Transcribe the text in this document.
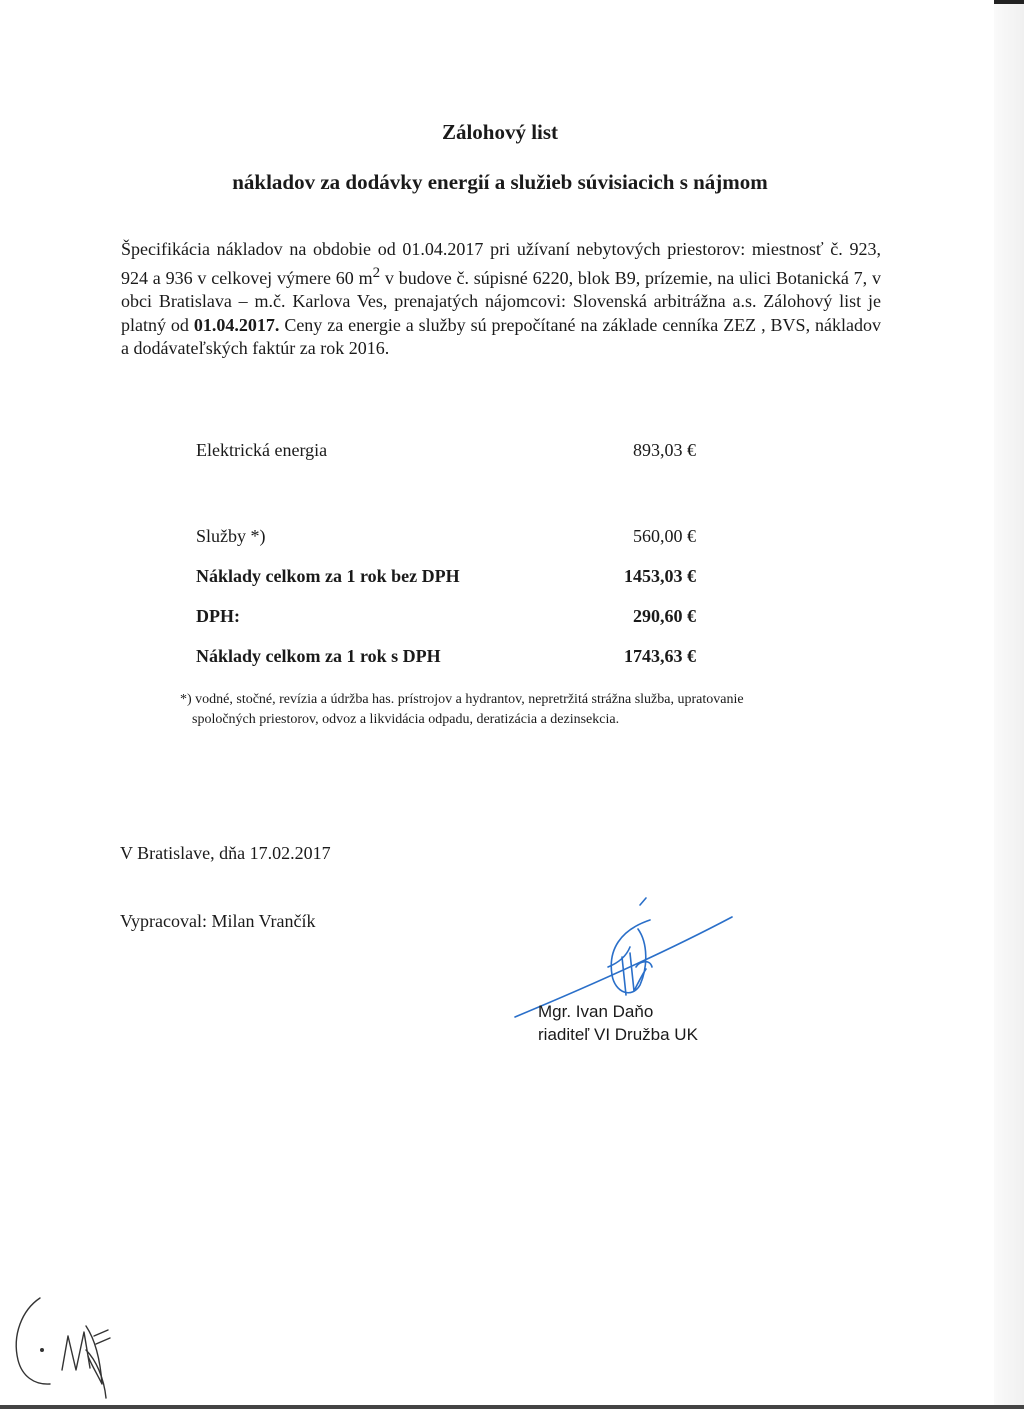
Zálohový list
nákladov za dodávky energií a služieb súvisiacich s nájmom

Špecifikácia nákladov na obdobie od 01.04.2017 pri užívaní nebytových priestorov: miestnosť č. 923, 924 a 936 v celkovej výmere 60 $m^2$ v budove č. súpisné 6220, blok B9, prízemie, na ulici Botanická 7, v obci Bratislava – m.č. Karlova Ves, prenajatých nájomcovi: Slovenská arbitrážna a.s. Zálohový list je platný od 01.04.2017. Ceny za energie a služby sú prepočítané na základe cenníka ZEZ , BVS, nákladov a dodávateľských faktúr za rok 2016.

Elektrická energia	893,03 €

Služby *)	560,00 €
Náklady celkom za 1 rok bez DPH	1453,03 €
DPH:	290,60 €
Náklady celkom za 1 rok s DPH	1743,63 €

*) vodné, stočné, revízia a údržba has. prístrojov a hydrantov, nepretržitá strážna služba, upratovanie
spoločných priestorov, odvoz a likvidácia odpadu, deratizácia a dezinsekcia.

V Bratislave, dňa 17.02.2017

Vypracoval: Milan Vrančík

Mgr. Ivan Daňo
riaditeľ VI Družba UK
